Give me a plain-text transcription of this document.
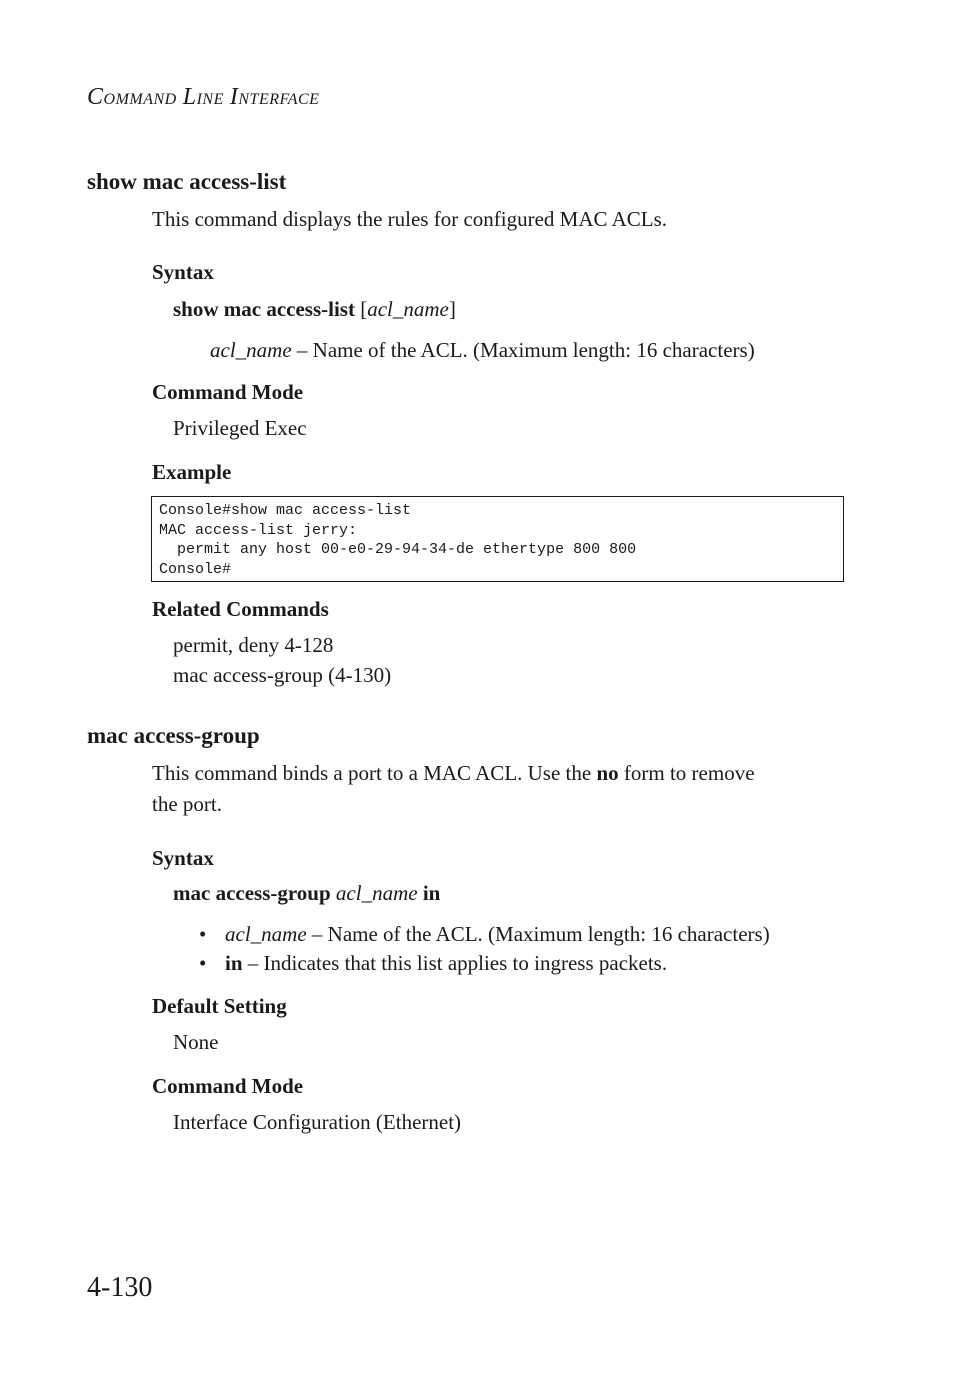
COMMAND LINE INTERFACE
show mac access-list
This command displays the rules for configured MAC ACLs.
Syntax
show mac access-list [acl_name]
acl_name – Name of the ACL. (Maximum length: 16 characters)
Command Mode
Privileged Exec
Example
Console#show mac access-list
MAC access-list jerry:
permit any host 00-e0-29-94-34-de ethertype 800 800
Console#
Related Commands
permit, deny 4-128
mac access-group (4-130)
mac access-group
This command binds a port to a MAC ACL. Use the no form to remove
the port.
Syntax
mac access-group acl_name in
• acl_name – Name of the ACL. (Maximum length: 16 characters)
• in – Indicates that this list applies to ingress packets.
Default Setting
None
Command Mode
Interface Configuration (Ethernet)
4-130
